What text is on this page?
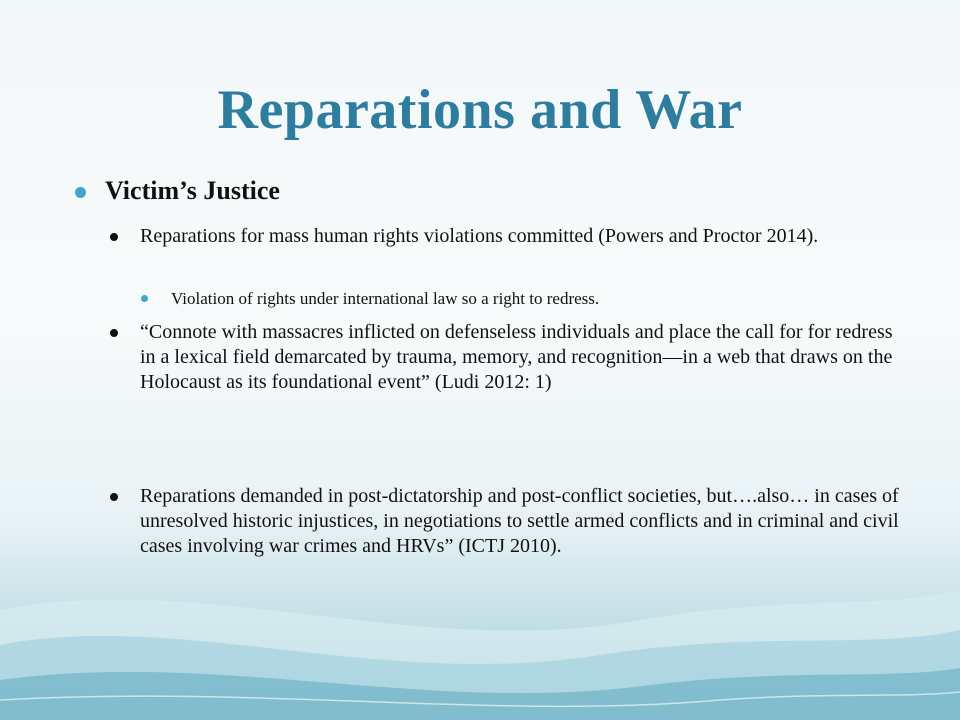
Reparations and War
Victim’s Justice
Reparations for mass human rights violations committed (Powers and Proctor 2014).
Violation of rights under international law so a right to redress.
“Connote with massacres inflicted on defenseless individuals and place the call for for redress in a lexical field demarcated by trauma, memory, and recognition—in a web that draws on the Holocaust as its foundational event” (Ludi 2012: 1)
Reparations demanded in post-dictatorship and post-conflict societies, but….also… in cases of unresolved historic injustices, in negotiations to settle armed conflicts and in criminal and civil cases involving war crimes and HRVs” (ICTJ 2010).
